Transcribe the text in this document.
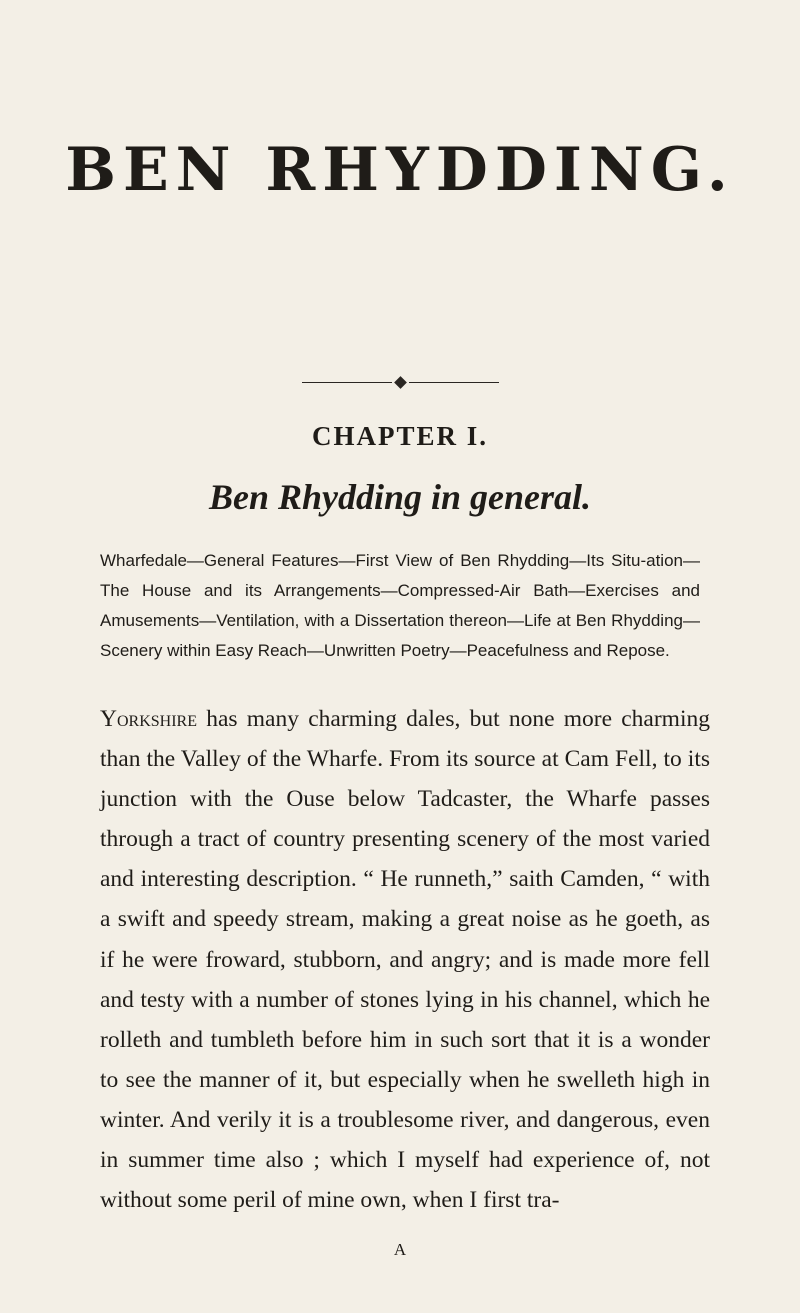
BEN RHYDDING.
CHAPTER I.
Ben Rhydding in general.

Wharfedale—General Features—First View of Ben Rhydding—Its Situ-ation—The House and its Arrangements—Compressed-Air Bath—Exercises and Amusements—Ventilation, with a Dissertation thereon—Life at Ben Rhydding—Scenery within Easy Reach—Unwritten Poetry—Peacefulness and Repose.

Yorkshire has many charming dales, but none more charming than the Valley of the Wharfe. From its source at Cam Fell, to its junction with the Ouse below Tadcaster, the Wharfe passes through a tract of country presenting scenery of the most varied and interesting description. “ He runneth,” saith Camden, “ with a swift and speedy stream, making a great noise as he goeth, as if he were froward, stubborn, and angry; and is made more fell and testy with a number of stones lying in his channel, which he rolleth and tumbleth before him in such sort that it is a wonder to see the manner of it, but especially when he swelleth high in winter. And verily it is a troublesome river, and dangerous, even in summer time also ; which I myself had experience of, not without some peril of mine own, when I first tra-

A
